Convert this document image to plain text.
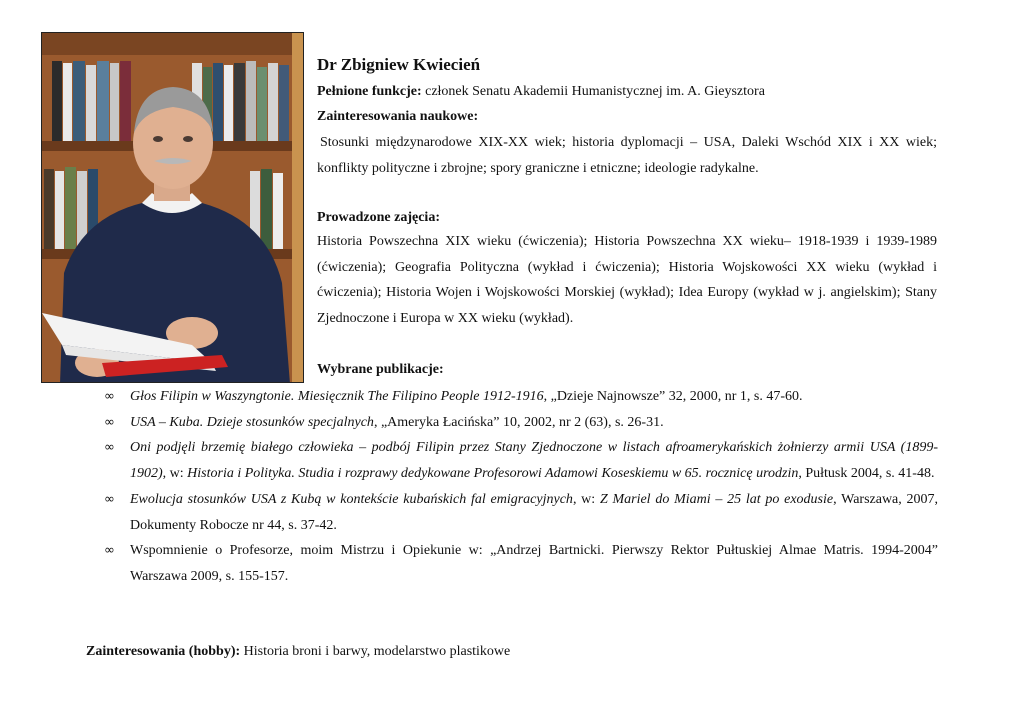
Dr Zbigniew Kwiecień
Pełnione funkcje: członek Senatu Akademii Humanistycznej im. A. Gieysztora
Zainteresowania naukowe:
Stosunki międzynarodowe XIX-XX wiek; historia dyplomacji – USA, Daleki Wschód XIX i XX wiek; konflikty polityczne i zbrojne; spory graniczne i etniczne; ideologie radykalne.
Prowadzone zajęcia:
Historia Powszechna XIX wieku (ćwiczenia); Historia Powszechna XX wieku– 1918-1939 i 1939-1989 (ćwiczenia); Geografia Polityczna (wykład i ćwiczenia); Historia Wojskowości XX wieku (wykład i ćwiczenia); Historia Wojen i Wojskowości Morskiej (wykład); Idea Europy (wykład w j. angielskim); Stany Zjednoczone i Europa w XX wieku (wykład).
Wybrane publikacje:
∞ Głos Filipin w Waszyngtonie. Miesięcznik The Filipino People 1912-1916, „Dzieje Najnowsze” 32, 2000, nr 1, s. 47-60.
∞ USA – Kuba. Dzieje stosunków specjalnych, „Ameryka Łacińska” 10, 2002, nr 2 (63), s. 26-31.
∞ Oni podjęli brzemię białego człowieka – podbój Filipin przez Stany Zjednoczone w listach afroamerykańskich żołnierzy armii USA (1899-1902), w: Historia i Polityka. Studia i rozprawy dedykowane Profesorowi Adamowi Koseskiemu w 65. rocznicę urodzin, Pułtusk 2004, s. 41-48.
∞ Ewolucja stosunków USA z Kubą w kontekście kubańskich fal emigracyjnych, w: Z Mariel do Miami – 25 lat po exodusie, Warszawa, 2007, Dokumenty Robocze nr 44, s. 37-42.
∞ Wspomnienie o Profesorze, moim Mistrzu i Opiekunie w: „Andrzej Bartnicki. Pierwszy Rektor Pułtuskiej Almae Matris. 1994-2004” Warszawa 2009, s. 155-157.
Zainteresowania (hobby): Historia broni i barwy, modelarstwo plastikowe
